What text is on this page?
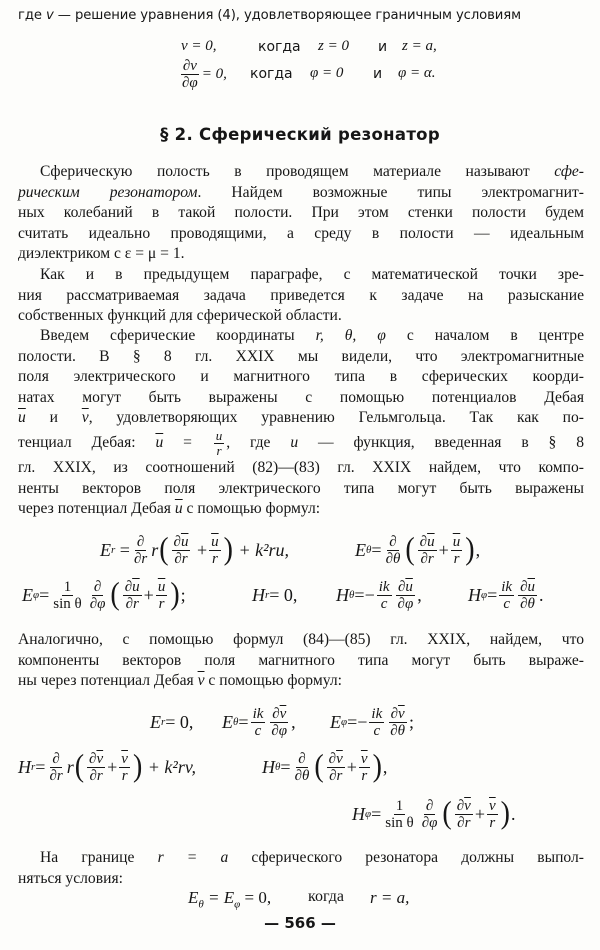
где v — решение уравнения (4), удовлетворяющее граничным условиям
v = 0,	когда z = 0 и z = a,
$\frac{\partial v}{\partial\varphi} = 0$, когда φ = 0 и φ = α.
§ 2. Сферический резонатор
Сферическую полость в проводящем материале называют сфе-
рическим резонатором. Найдем возможные типы электромагнит-
ных колебаний в такой полости. При этом стенки полости будем
считать идеально проводящими, а среду в полости — идеальным
диэлектриком с ε = μ = 1.
Как и в предыдущем параграфе, с математической точки зре-
ния рассматриваемая задача приведется к задаче на разыскание
собственных функций для сферической области.
Введем сферические координаты r, θ, φ с началом в центре
полости. В § 8 гл. XXIX мы видели, что электромагнитные
поля электрического и магнитного типа в сферических коорди-
натах могут быть выражены с помощью потенциалов Дебая
$\overline{u}$ и $\overline{v}$, удовлетворяющих уравнению Гельмгольца. Так как по-
тенциал Дебая: $\overline{u} = \frac{u}{r}$ , где u — функция, введенная в § 8
гл. XXIX, из соотношений (82)—(83) гл. XXIX найдем, что компо-
ненты векторов поля электрического типа могут быть выражены
через потенциал Дебая $\overline{u}$ с помощью формул:
E r
= $\frac{\partial}{\partial r}$ r ( $\frac{\partial\overline{u}}{\partial r}$
+ $\frac{\overline{u}}{r}$ )
+ k²ru,	E $\theta = \frac{\partial}{\partial\theta}$ ( $\frac{\partial\overline{u}}{\partial r} + \frac{\overline{u}}{r}$ ) ,
E $\varphi = \frac{1}{\text{sin θ}} \frac{\partial}{\partial\varphi}$ ( $\frac{\partial\overline{u}}{\partial r} + \frac{\overline{u}}{r}$ ) ;	H r = 0, H θ = − $\frac{ik}{c} \frac{\partial\overline{u}}{\partial\varphi}$ ,	H $\varphi = \frac{ik}{c} \frac{\partial\overline{u}}{\partial\theta}$ .
Аналогично, с помощью формул (84)—(85) гл. XXIX, найдем, что
компоненты векторов поля магнитного типа могут быть выраже-
ны через потенциал Дебая $\overline{v}$ с помощью формул:
E r = 0, E $\theta = \frac{ik}{c} \frac{\partial\overline{v}}{\partial\varphi}$ , E φ = − $\frac{ik}{c} \frac{\partial\overline{v}}{\partial\theta}$ ;
H $r = \frac{\partial}{\partial r}$ r ( $\frac{\partial\overline{v}}{\partial r} + \frac{\overline{v}}{r}$ )
+ k²rv,	H $\theta = \frac{\partial}{\partial\theta}$ ( $\frac{\partial\overline{v}}{\partial r} + \frac{\overline{v}}{r}$ ) ,
H $\varphi = \frac{1}{\text{sin θ}} \frac{\partial}{\partial\varphi}$ ( $\frac{\partial\overline{v}}{\partial r} + \frac{\overline{v}}{r}$ ) .
На границе r = a сферического резонатора должны выпол-
няться условия:
$E_\theta = E_\varphi = 0$, когда r = a,
— 566 —
